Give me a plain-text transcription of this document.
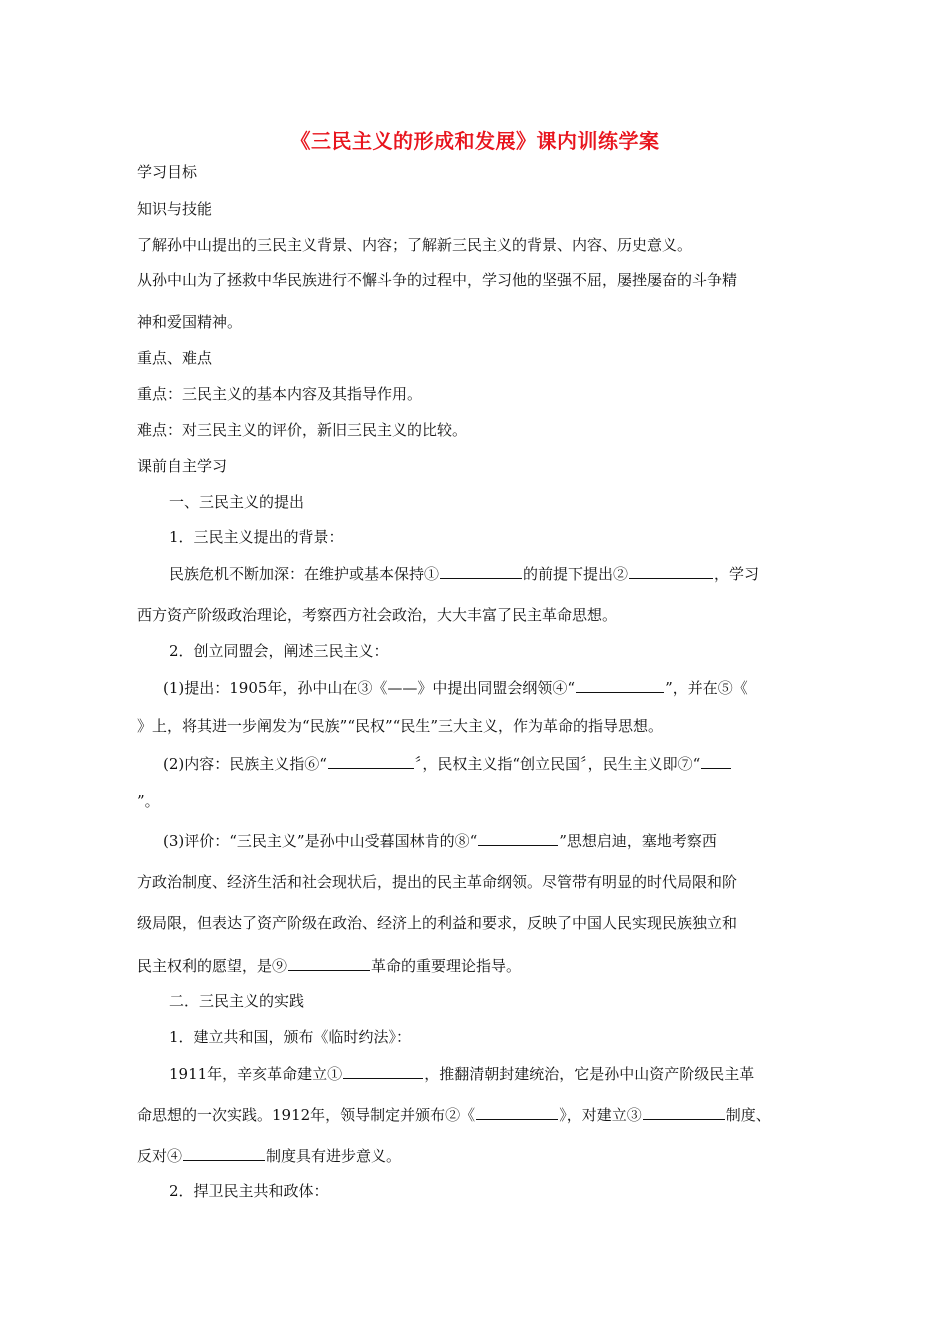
《三民主义的形成和发展》课内训练学案
学习目标
知识与技能
了解孙中山提出的三民主义背景、内容；了解新三民主义的背景、内容、历史意义。
从孙中山为了拯救中华民族进行不懈斗争的过程中，学习他的坚强不屈，屡挫屡奋的斗争精
神和爱国精神。
重点、难点
重点：三民主义的基本内容及其指导作用。
难点：对三民主义的评价，新旧三民主义的比较。
课前自主学习
一、三民主义的提出
1．三民主义提出的背景：
民族危机不断加深：在维护或基本保持①	的前提下提出②	，学习
西方资产阶级政治理论，考察西方社会政治，大大丰富了民主革命思想。
2．创立同盟会，阐述三民主义：
(1)提出：1905年，孙中山在③《——》中提出同盟会纲领④“	”，并在⑤《
》上，将其进一步阐发为“民族”“民权”“民生”三大主义，作为革命的指导思想。
(2)内容：民族主义指⑥“	〞，民权主义指“创立民国〞，民生主义即⑦“
”。
(3)评价：“三民主义”是孙中山受暮国林肯的⑧“	”思想启迪，塞地考察西
方政治制度、经济生活和社会现状后，提出的民主革命纲领。尽管带有明显的时代局限和阶
级局限，但表达了资产阶级在政治、经济上的利益和要求，反映了中国人民实现民族独立和
民主权利的愿望，是⑨	革命的重要理论指导。
二．三民主义的实践
1．建立共和国，颁布《临时约法》：
1911年，辛亥革命建立①	，推翻清朝封建统治，它是孙中山资产阶级民主革
命思想的一次实践。1912年，领导制定并颁布②《	》，对建立③	制度、
反对④	制度具有进步意义。
2．捍卫民主共和政体：
